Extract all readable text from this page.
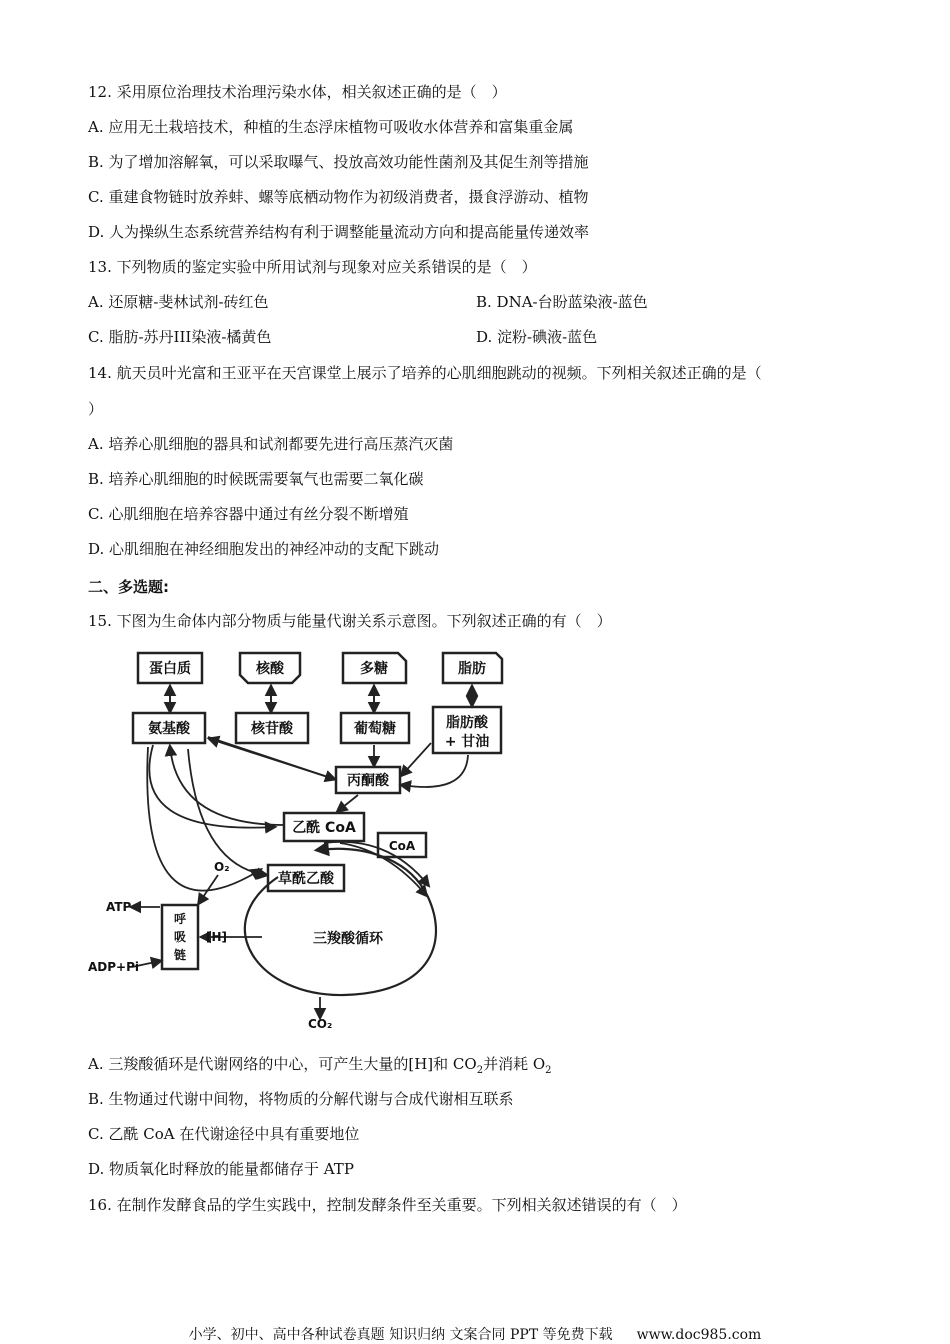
12. 采用原位治理技术治理污染水体，相关叙述正确的是（　）
A. 应用无土栽培技术，种植的生态浮床植物可吸收水体营养和富集重金属
B. 为了增加溶解氧，可以采取曝气、投放高效功能性菌剂及其促生剂等措施
C. 重建食物链时放养蚌、螺等底栖动物作为初级消费者，摄食浮游动、植物
D. 人为操纵生态系统营养结构有利于调整能量流动方向和提高能量传递效率
13. 下列物质的鉴定实验中所用试剂与现象对应关系错误的是（　）
A. 还原糖-斐林试剂-砖红色	B. DNA-台盼蓝染液-蓝色
C. 脂肪-苏丹III染液-橘黄色	D. 淀粉-碘液-蓝色
14. 航天员叶光富和王亚平在天宫课堂上展示了培养的心肌细胞跳动的视频。下列相关叙述正确的是（
）
A. 培养心肌细胞的器具和试剂都要先进行高压蒸汽灭菌
B. 培养心肌细胞的时候既需要氧气也需要二氧化碳
C. 心肌细胞在培养容器中通过有丝分裂不断增殖
D. 心肌细胞在神经细胞发出的神经冲动的支配下跳动
二、多选题:
15. 下图为生命体内部分物质与能量代谢关系示意图。下列叙述正确的有（　）
蛋白质	核酸	多糖	脂肪
氨基酸	核苷酸	葡萄糖	脂肪酸
+ 甘油
丙酮酸
乙酰 CoA
CoA
草酰乙酸
三羧酸循环
呼
吸
链
ATP
ADP+Pi
O₂
[H]
CO₂
A. 三羧酸循环是代谢网络的中心，可产生大量的[H]和 $CO_2$并消耗 $O_2$
B. 生物通过代谢中间物，将物质的分解代谢与合成代谢相互联系
C. 乙酰 CoA 在代谢途径中具有重要地位
D. 物质氧化时释放的能量都储存于 ATP
16. 在制作发酵食品的学生实践中，控制发酵条件至关重要。下列相关叙述错误的有（　）
小学、初中、高中各种试卷真题 知识归纳 文案合同 PPT 等免费下载 www.doc985.com
